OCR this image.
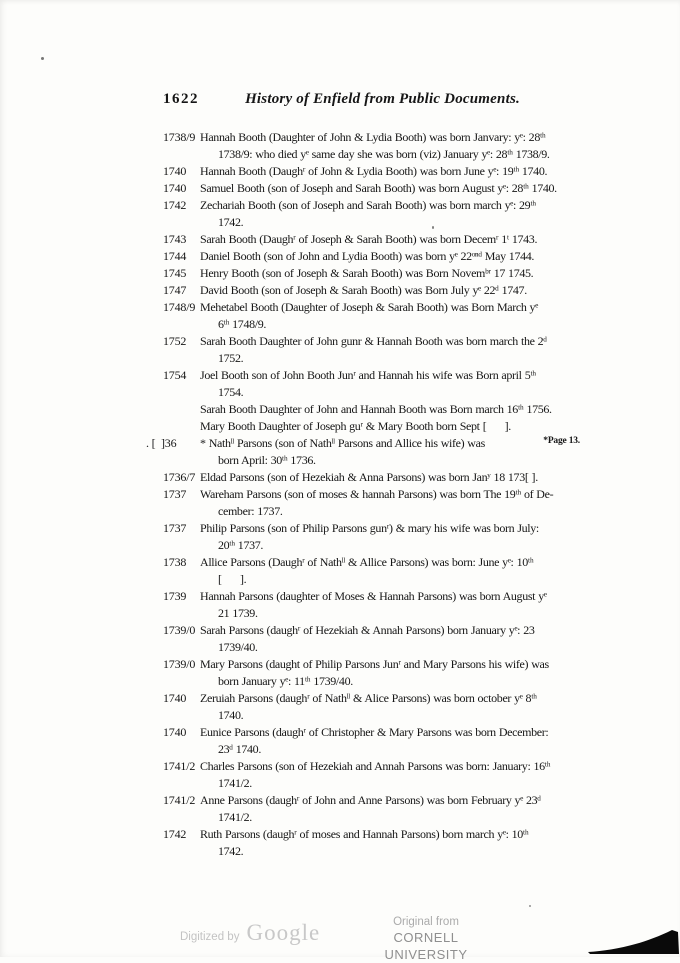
1622	History of Enfield from Public Documents.
1738/9 Hannah Booth (Daughter of John & Lydia Booth) was born Janvary: yᵉ: 28ᵗʰ
1738/9: who died yᵉ same day she was born (viz) January yᵉ: 28ᵗʰ 1738/9.
1740 Hannah Booth (Daughʳ of John & Lydia Booth) was born June yᵉ: 19ᵗʰ 1740.
1740 Samuel Booth (son of Joseph and Sarah Booth) was born August yᵉ: 28ᵗʰ 1740.
1742 Zechariah Booth (son of Joseph and Sarah Booth) was born march yᵉ: 29ᵗʰ
1742.
1743 Sarah Booth (Daughʳ of Joseph & Sarah Booth) was born Decemʳ 1ᵗ 1743.
1744 Daniel Booth (son of John and Lydia Booth) was born yᵉ 22ᵒⁿᵈ May 1744.
1745 Henry Booth (son of Joseph & Sarah Booth) was Born Novemᵇʳ 17 1745.
1747 David Booth (son of Joseph & Sarah Booth) was Born July yᵉ 22ᵈ 1747.
1748/9 Mehetabel Booth (Daughter of Joseph & Sarah Booth) was Born March yᵉ
6ᵗʰ 1748/9.
1752 Sarah Booth Daughter of John gunr & Hannah Booth was born march the 2ᵈ
1752.
1754 Joel Booth son of John Booth Junʳ and Hannah his wife was Born april 5ᵗʰ
1754.
Sarah Booth Daughter of John and Hannah Booth was Born march 16ᵗʰ 1756.
Mary Booth Daughter of Joseph guʳ & Mary Booth born Sept [      ].
. [  ]36 * Nathˡˡ Parsons (son of Nathˡˡ Parsons and Allice his wife) was
born April: 30ᵗʰ 1736.
*Page 13.
1736/7 Eldad Parsons (son of Hezekiah & Anna Parsons) was born Janʸ 18 173[ ].
1737 Wareham Parsons (son of moses & hannah Parsons) was born The 19ᵗʰ of De-
cember: 1737.
1737 Philip Parsons (son of Philip Parsons gunʳ) & mary his wife was born July:
20ᵗʰ 1737.
1738 Allice Parsons (Daughʳ of Nathˡˡ & Allice Parsons) was born: June yᵉ: 10ᵗʰ
[      ].
1739 Hannah Parsons (daughter of Moses & Hannah Parsons) was born August yᵉ
21 1739.
1739/0 Sarah Parsons (daughʳ of Hezekiah & Annah Parsons) born January yᵉ: 23
1739/40.
1739/0 Mary Parsons (daught of Philip Parsons Junʳ and Mary Parsons his wife) was
born January yᵉ: 11ᵗʰ 1739/40.
1740 Zeruiah Parsons (daughʳ of Nathˡˡ & Alice Parsons) was born october yᵉ 8ᵗʰ
1740.
1740 Eunice Parsons (daughʳ of Christopher & Mary Parsons was born December:
23ᵈ 1740.
1741/2 Charles Parsons (son of Hezekiah and Annah Parsons was born: January: 16ᵗʰ
1741/2.
1741/2 Anne Parsons (daughʳ of John and Anne Parsons) was born February yᵉ 23ᵈ
1741/2.
1742 Ruth Parsons (daughʳ of moses and Hannah Parsons) born march yᵉ: 10ᵗʰ
1742.
Digitized by Google	Original from
CORNELL UNIVERSITY
